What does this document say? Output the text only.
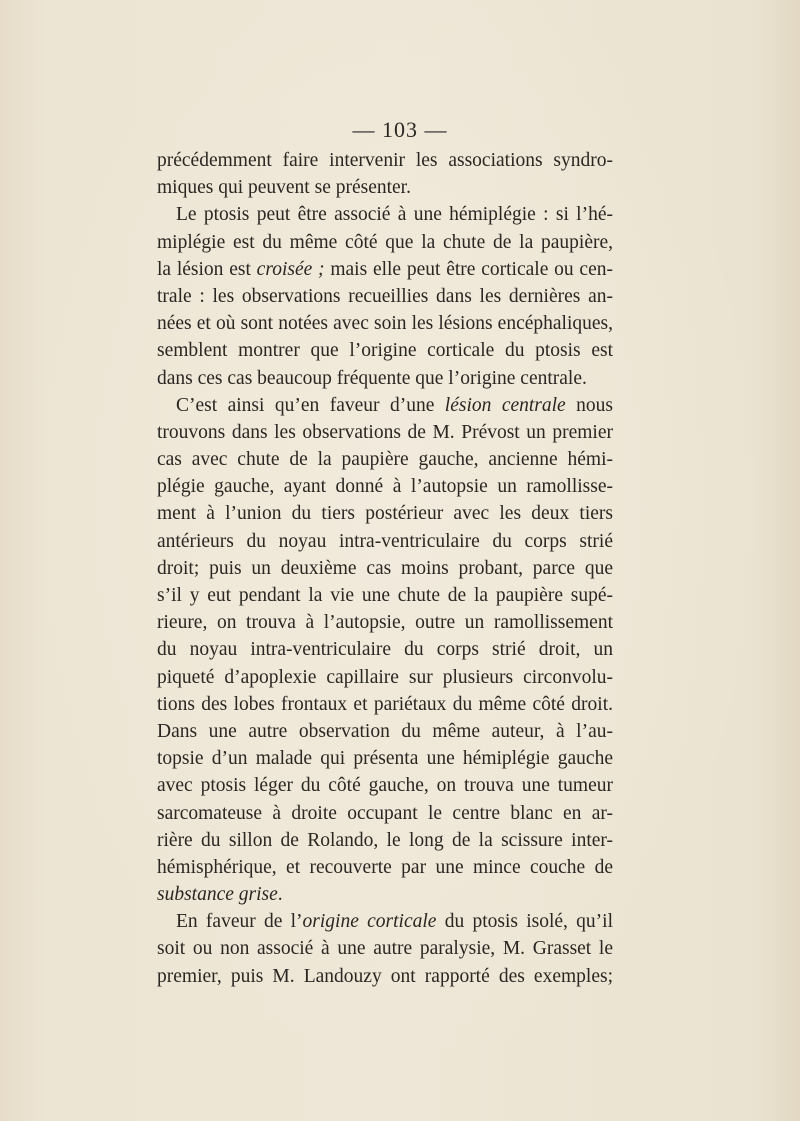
— 103 —
précédemment faire intervenir les associations syndro-
miques qui peuvent se présenter.
Le ptosis peut être associé à une hémiplégie : si l’hé-
miplégie est du même côté que la chute de la paupière,
la lésion est croisée ; mais elle peut être corticale ou cen-
trale : les observations recueillies dans les dernières an-
nées et où sont notées avec soin les lésions encéphaliques,
semblent montrer que l’origine corticale du ptosis est
dans ces cas beaucoup fréquente que l’origine centrale.
C’est ainsi qu’en faveur d’une lésion centrale nous
trouvons dans les observations de M. Prévost un premier
cas avec chute de la paupière gauche, ancienne hémi-
plégie gauche, ayant donné à l’autopsie un ramollisse-
ment à l’union du tiers postérieur avec les deux tiers
antérieurs du noyau intra-ventriculaire du corps strié
droit; puis un deuxième cas moins probant, parce que
s’il y eut pendant la vie une chute de la paupière supé-
rieure, on trouva à l’autopsie, outre un ramollissement
du noyau intra-ventriculaire du corps strié droit, un
piqueté d’apoplexie capillaire sur plusieurs circonvolu-
tions des lobes frontaux et pariétaux du même côté droit.
Dans une autre observation du même auteur, à l’au-
topsie d’un malade qui présenta une hémiplégie gauche
avec ptosis léger du côté gauche, on trouva une tumeur
sarcomateuse à droite occupant le centre blanc en ar-
rière du sillon de Rolando, le long de la scissure inter-
hémisphérique, et recouverte par une mince couche de
substance grise.
En faveur de l’origine corticale du ptosis isolé, qu’il
soit ou non associé à une autre paralysie, M. Grasset le
premier, puis M. Landouzy ont rapporté des exemples;
